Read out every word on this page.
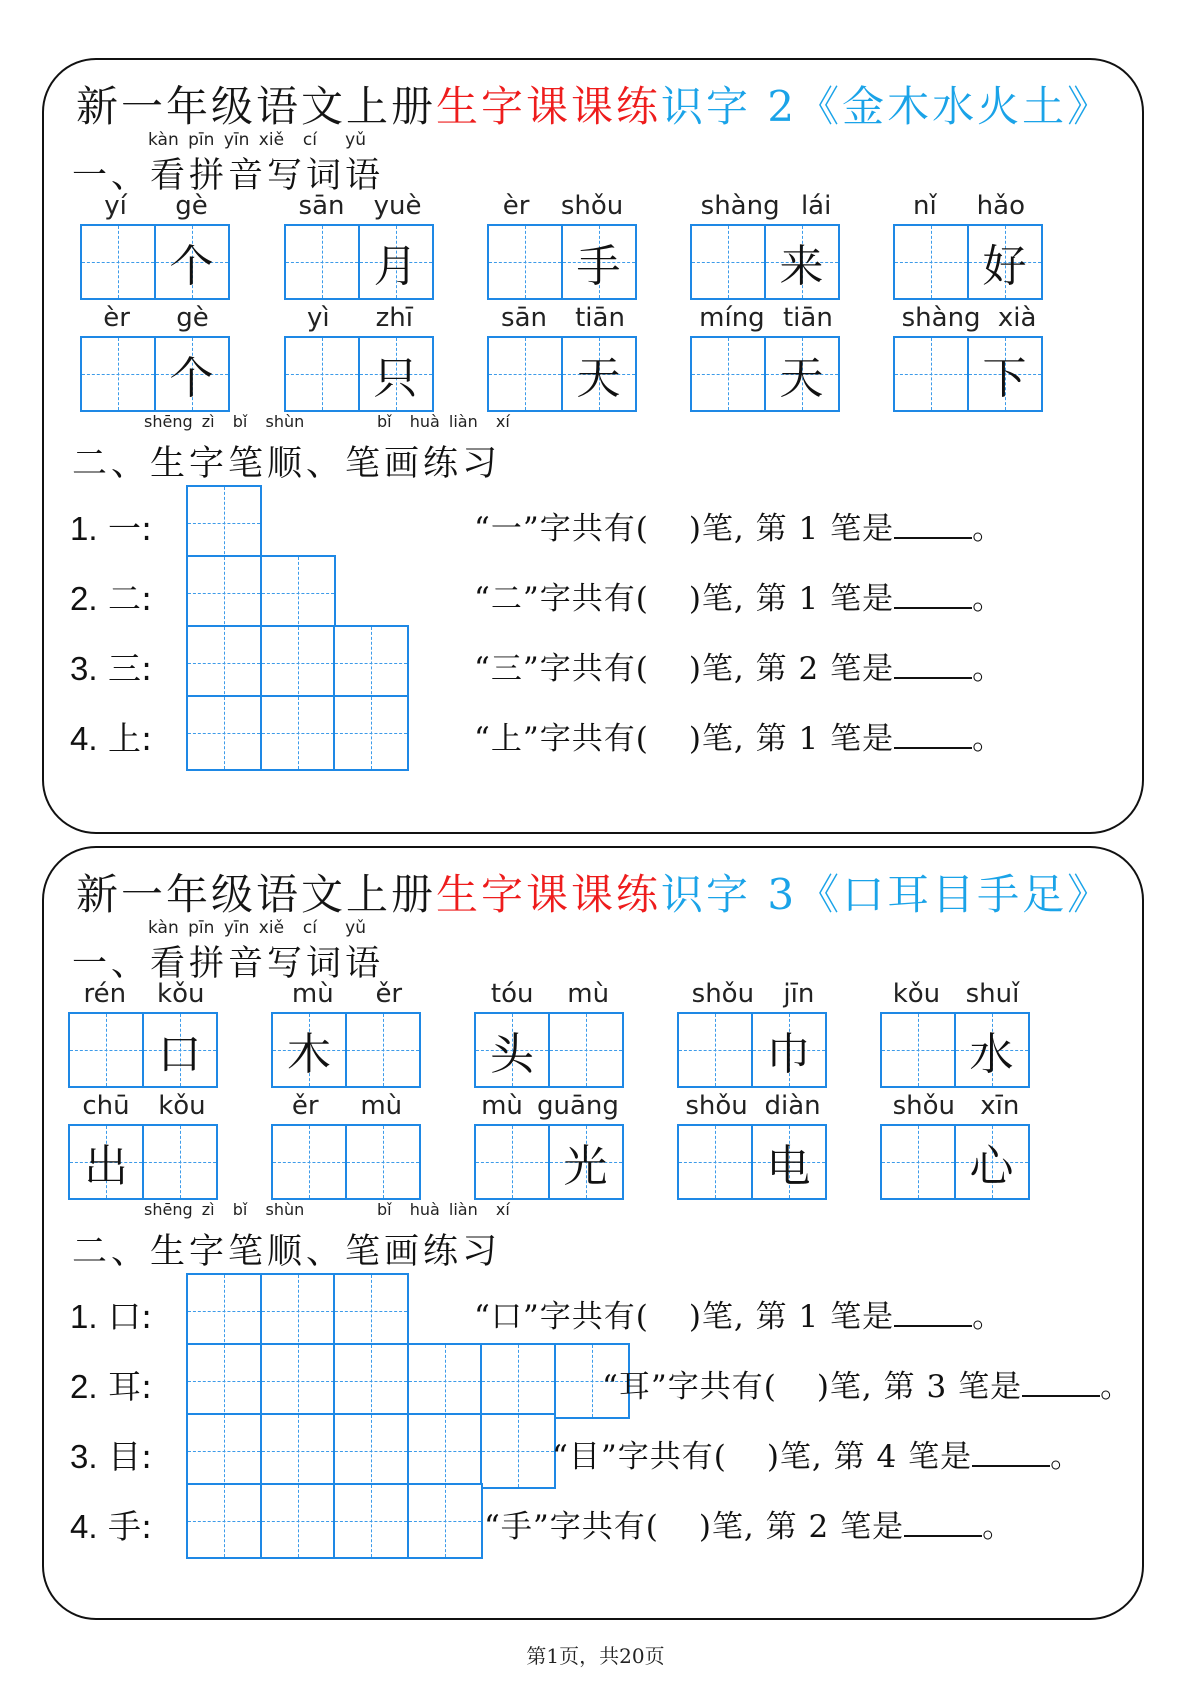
新一年级语文上册生字课课练识字 2《金木水火土》
kàn pīn yīn xiě  cí   yǔ
一、看拼音写词语
yí gè
个
sān yuè
月
èr shǒu
手
shàng lái
来
nǐ hǎo
好
èr gè
个
yì zhī
只
sān tiān
天
míng tiān
天
shàng xià
下
shēng zì  bǐ  shùn        bǐ  huà liàn  xí
二、生字笔顺、笔画练习
1. 一:	“一”字共有( )笔, 第 1 笔是	。
2. 二:	“二”字共有( )笔, 第 1 笔是	。
3. 三:	“三”字共有( )笔, 第 2 笔是	。
4. 上:	“上”字共有( )笔, 第 1 笔是	。
新一年级语文上册生字课课练识字 3《口耳目手足》
kàn pīn yīn xiě  cí   yǔ
一、看拼音写词语
rén kǒu
口
mù ěr
木
tóu mù
头
shǒu jīn
巾
kǒu shuǐ
水
chū kǒu
出
ěr mù	mù guāng
光
shǒu diàn
电
shǒu xīn
心
shēng zì  bǐ  shùn        bǐ  huà liàn  xí
二、生字笔顺、笔画练习
1. 口:	“口”字共有( )笔, 第 1 笔是	。
2. 耳:	“耳”字共有( )笔, 第 3 笔是	。
3. 目:	“目”字共有( )笔, 第 4 笔是	。
4. 手:	“手”字共有( )笔, 第 2 笔是	。
第1页，共20页
